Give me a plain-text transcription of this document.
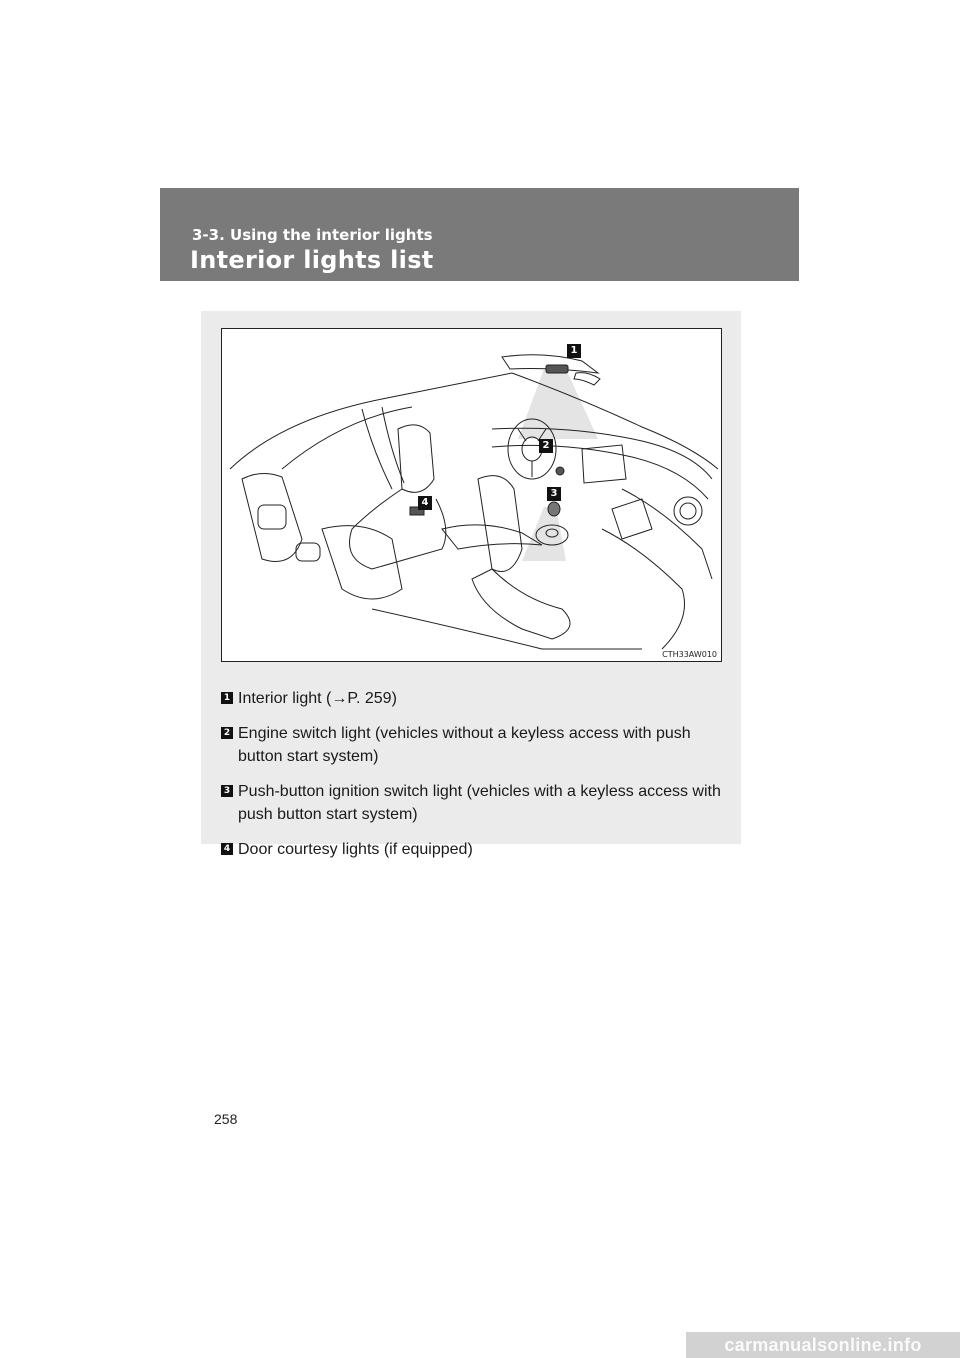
3-3. Using the interior lights
Interior lights list
1
2
3
4
CTH33AW010
1 Interior light (→P. 259)
2 Engine switch light (vehicles without a keyless access with push button start system)
3 Push-button ignition switch light (vehicles with a keyless access with push button start system)
4 Door courtesy lights (if equipped)
258
carmanualsonline.info
